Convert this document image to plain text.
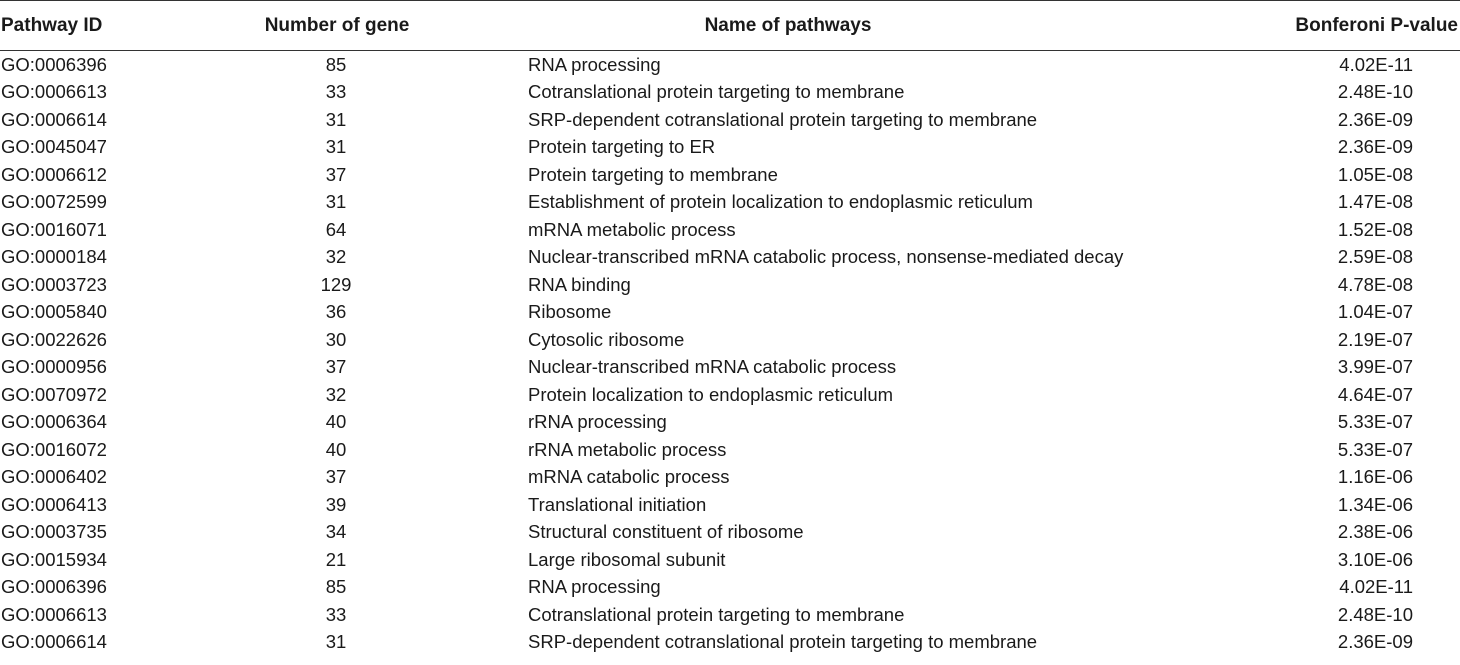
Pathway ID	Number of gene	Name of pathways	Bonferoni P-value
GO:0006396	85	RNA processing	4.02E-11
GO:0006613	33	Cotranslational protein targeting to membrane	2.48E-10
GO:0006614	31	SRP-dependent cotranslational protein targeting to membrane	2.36E-09
GO:0045047	31	Protein targeting to ER	2.36E-09
GO:0006612	37	Protein targeting to membrane	1.05E-08
GO:0072599	31	Establishment of protein localization to endoplasmic reticulum	1.47E-08
GO:0016071	64	mRNA metabolic process	1.52E-08
GO:0000184	32	Nuclear-transcribed mRNA catabolic process, nonsense-mediated decay	2.59E-08
GO:0003723	129	RNA binding	4.78E-08
GO:0005840	36	Ribosome	1.04E-07
GO:0022626	30	Cytosolic ribosome	2.19E-07
GO:0000956	37	Nuclear-transcribed mRNA catabolic process	3.99E-07
GO:0070972	32	Protein localization to endoplasmic reticulum	4.64E-07
GO:0006364	40	rRNA processing	5.33E-07
GO:0016072	40	rRNA metabolic process	5.33E-07
GO:0006402	37	mRNA catabolic process	1.16E-06
GO:0006413	39	Translational initiation	1.34E-06
GO:0003735	34	Structural constituent of ribosome	2.38E-06
GO:0015934	21	Large ribosomal subunit	3.10E-06
GO:0006396	85	RNA processing	4.02E-11
GO:0006613	33	Cotranslational protein targeting to membrane	2.48E-10
GO:0006614	31	SRP-dependent cotranslational protein targeting to membrane	2.36E-09
